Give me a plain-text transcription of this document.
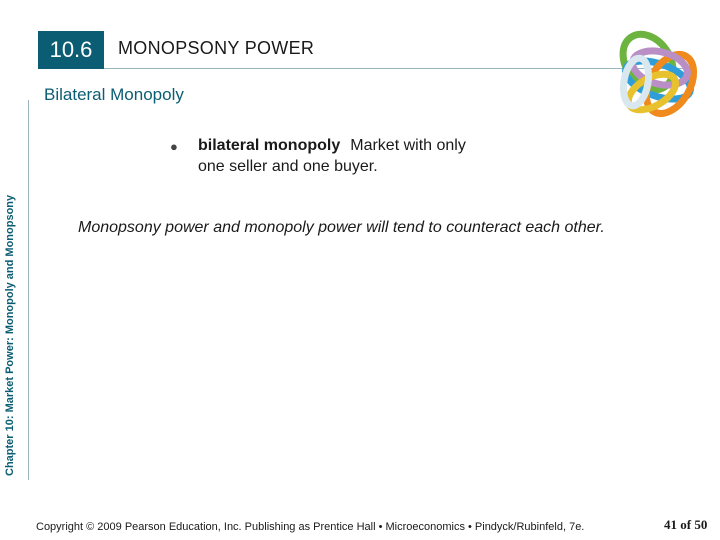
10.6	MONOPSONY POWER
Bilateral Monopoly
Chapter 10: Market Power: Monopoly and Monopsony
● bilateral monopoly Market with only
one seller and one buyer.
Monopsony power and monopoly power will tend to counteract each other.
Copyright © 2009 Pearson Education, Inc. Publishing as Prentice Hall • Microeconomics • Pindyck/Rubinfeld, 7e.	41 of 50
